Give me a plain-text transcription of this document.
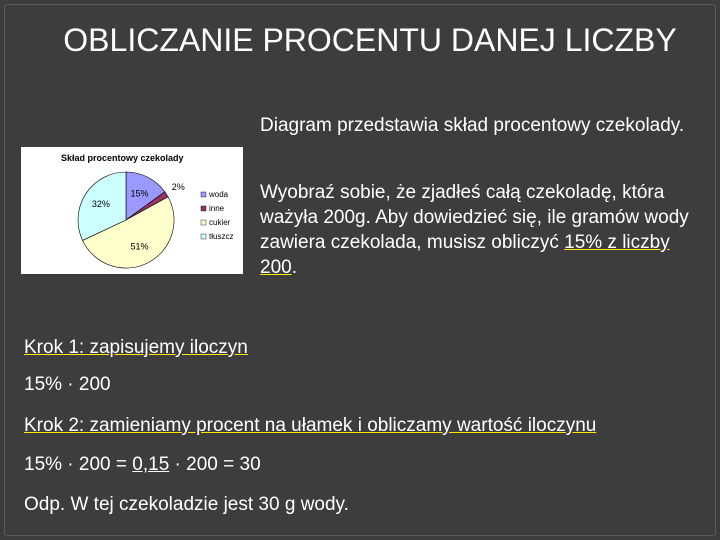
OBLICZANIE PROCENTU DANEJ LICZBY
Skład procentowy czekolady
15%
2%
51%
32%
woda
inne
cukier
tłuszcz
Diagram przedstawia skład procentowy czekolady.
Wyobraź sobie, że zjadłeś całą czekoladę, która ważyła 200g. Aby dowiedzieć się, ile gramów wody zawiera czekolada, musisz obliczyć 15% z liczby 200.
Krok 1: zapisujemy iloczyn
15% · 200
Krok 2: zamieniamy procent na ułamek i obliczamy wartość iloczynu
15% · 200 = 0,15 · 200 = 30
Odp. W tej czekoladzie jest 30 g wody.
